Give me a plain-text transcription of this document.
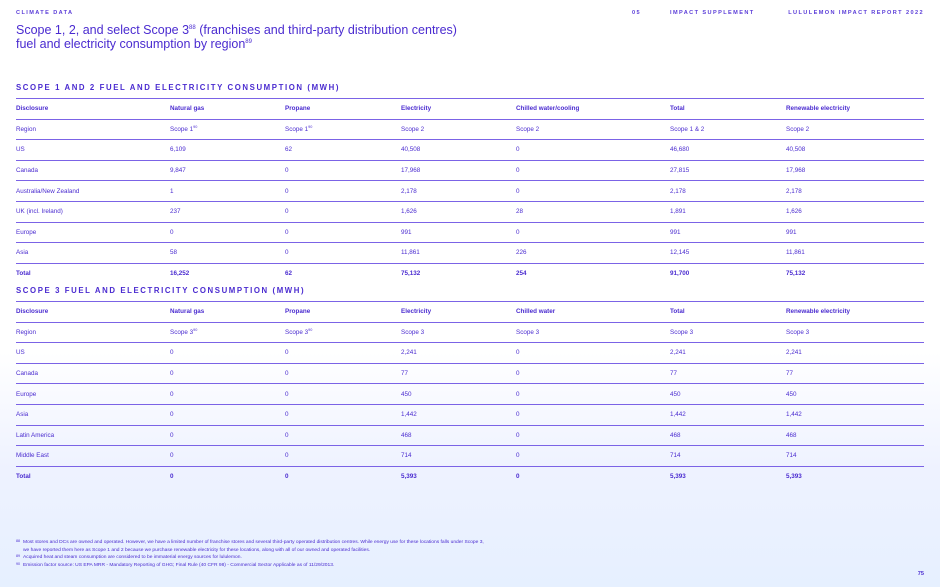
CLIMATE DATA	05	IMPACT SUPPLEMENT	LULULEMON IMPACT REPORT 2022
Scope 1, 2, and select Scope $3^{88}$ (franchises and third-party distribution centres)
fuel and electricity consumption by region$^{89}$
SCOPE 1 AND 2 FUEL AND ELECTRICITY CONSUMPTION (MWH)
Disclosure	Natural gas	Propane	Electricity	Chilled water/cooling	Total	Renewable electricity
Region	Scope $1^{90}$	Scope $1^{90}$	Scope 2	Scope 2	Scope 1 & 2	Scope 2
US	6,109	62	40,508	0	46,680	40,508
Canada	9,847	0	17,968	0	27,815	17,968
Australia/New Zealand	1	0	2,178	0	2,178	2,178
UK (incl. Ireland)	237	0	1,626	28	1,891	1,626
Europe	0	0	991	0	991	991
Asia	58	0	11,861	226	12,145	11,861
Total	16,252	62	75,132	254	91,700	75,132
SCOPE 3 FUEL AND ELECTRICITY CONSUMPTION (MWH)
Disclosure	Natural gas	Propane	Electricity	Chilled water	Total	Renewable electricity
Region	Scope $3^{90}$	Scope $3^{90}$	Scope 3	Scope 3	Scope 3	Scope 3
US	0	0	2,241	0	2,241	2,241
Canada	0	0	77	0	77	77
Europe	0	0	450	0	450	450
Asia	0	0	1,442	0	1,442	1,442
Latin America	0	0	468	0	468	468
Middle East	0	0	714	0	714	714
Total	0	0	5,393	0	5,393	5,393
88 Most stores and DCs are owned and operated. However, we have a limited number of franchise stores and several third-party operated distribution centres. While energy use for these locations falls under Scope 3, we have reported them here as Scope 1 and 2 because we purchase renewable electricity for these locations, along with all of our owned and operated facilities.
89 Acquired heat and steam consumption are considered to be immaterial energy sources for lululemon.
90 Emission factor source: US EPA MRR - Mandatory Reporting of GHG; Final Rule (40 CFR 98) - Commercial Sector Applicable as of 11/29/2013.
75
